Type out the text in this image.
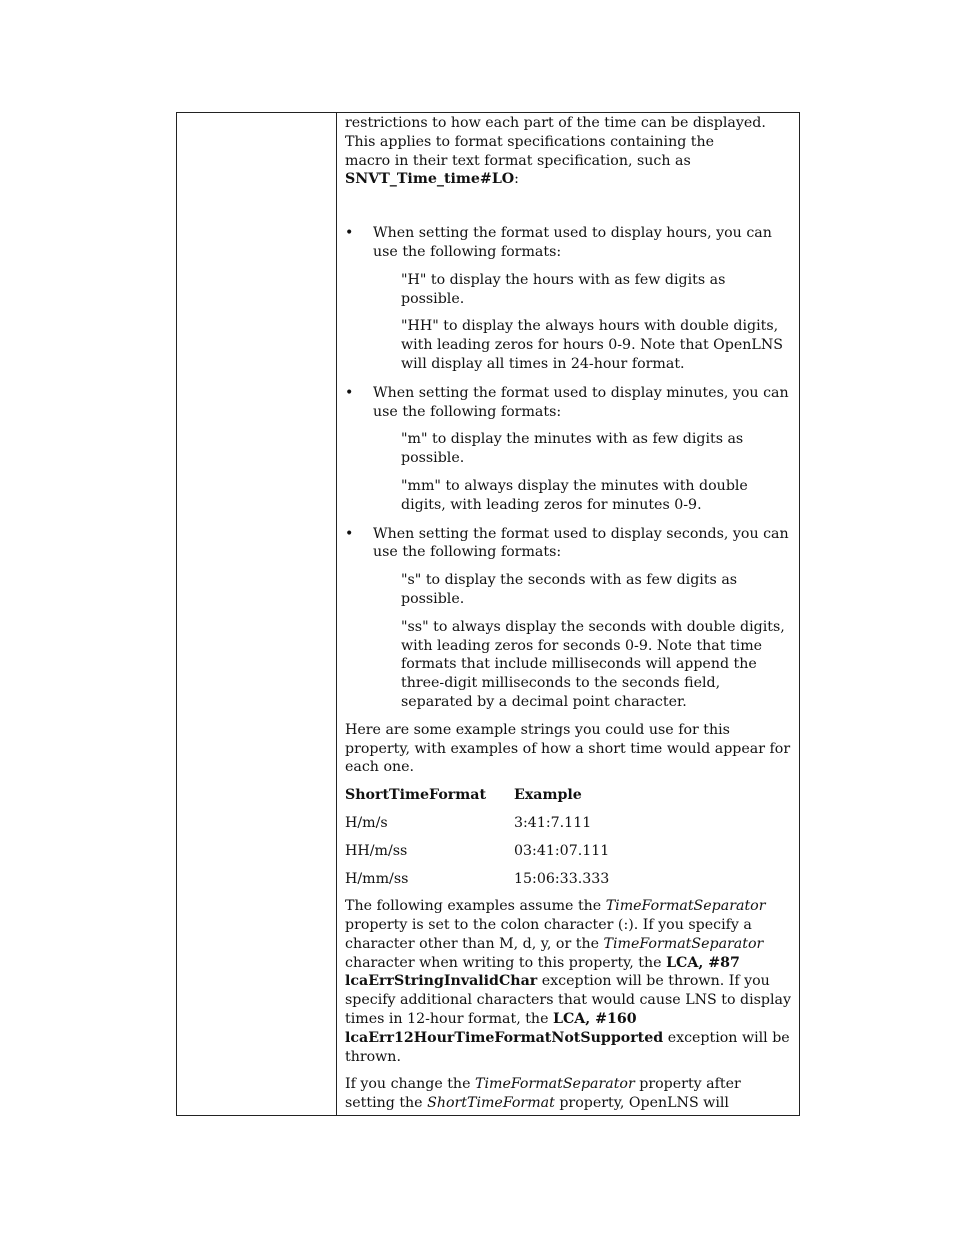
restrictions to how each part of the time can be displayed.

This applies to format specifications containing the

macro in their text format specification, such as

SNVT_Time_time#LO:

• When setting the format used to display hours, you can use the following formats:

"H" to display the hours with as few digits as possible.

"HH" to display the always hours with double digits, with leading zeros for hours 0-9. Note that OpenLNS will display all times in 24-hour format.

• When setting the format used to display minutes, you can use the following formats:

"m" to display the minutes with as few digits as possible.

"mm" to always display the minutes with double digits, with leading zeros for minutes 0-9.

• When setting the format used to display seconds, you can use the following formats:

"s" to display the seconds with as few digits as possible.

"ss" to always display the seconds with double digits, with leading zeros for seconds 0-9. Note that time formats that include milliseconds will append the three-digit milliseconds to the seconds field, separated by a decimal point character.

Here are some example strings you could use for this property, with examples of how a short time would appear for each one.

ShortTimeFormat	Example
H/m/s	3:41:7.111
HH/m/ss	03:41:07.111
H/mm/ss	15:06:33.333

The following examples assume the TimeFormatSeparator property is set to the colon character (:). If you specify a character other than M, d, y, or the TimeFormatSeparator character when writing to this property, the LCA, #87 lcaErrStringInvalidChar exception will be thrown. If you specify additional characters that would cause LNS to display times in 12-hour format, the LCA, #160 lcaErr12HourTimeFormatNotSupported exception will be thrown.

If you change the TimeFormatSeparator property after setting the ShortTimeFormat property, OpenLNS will
